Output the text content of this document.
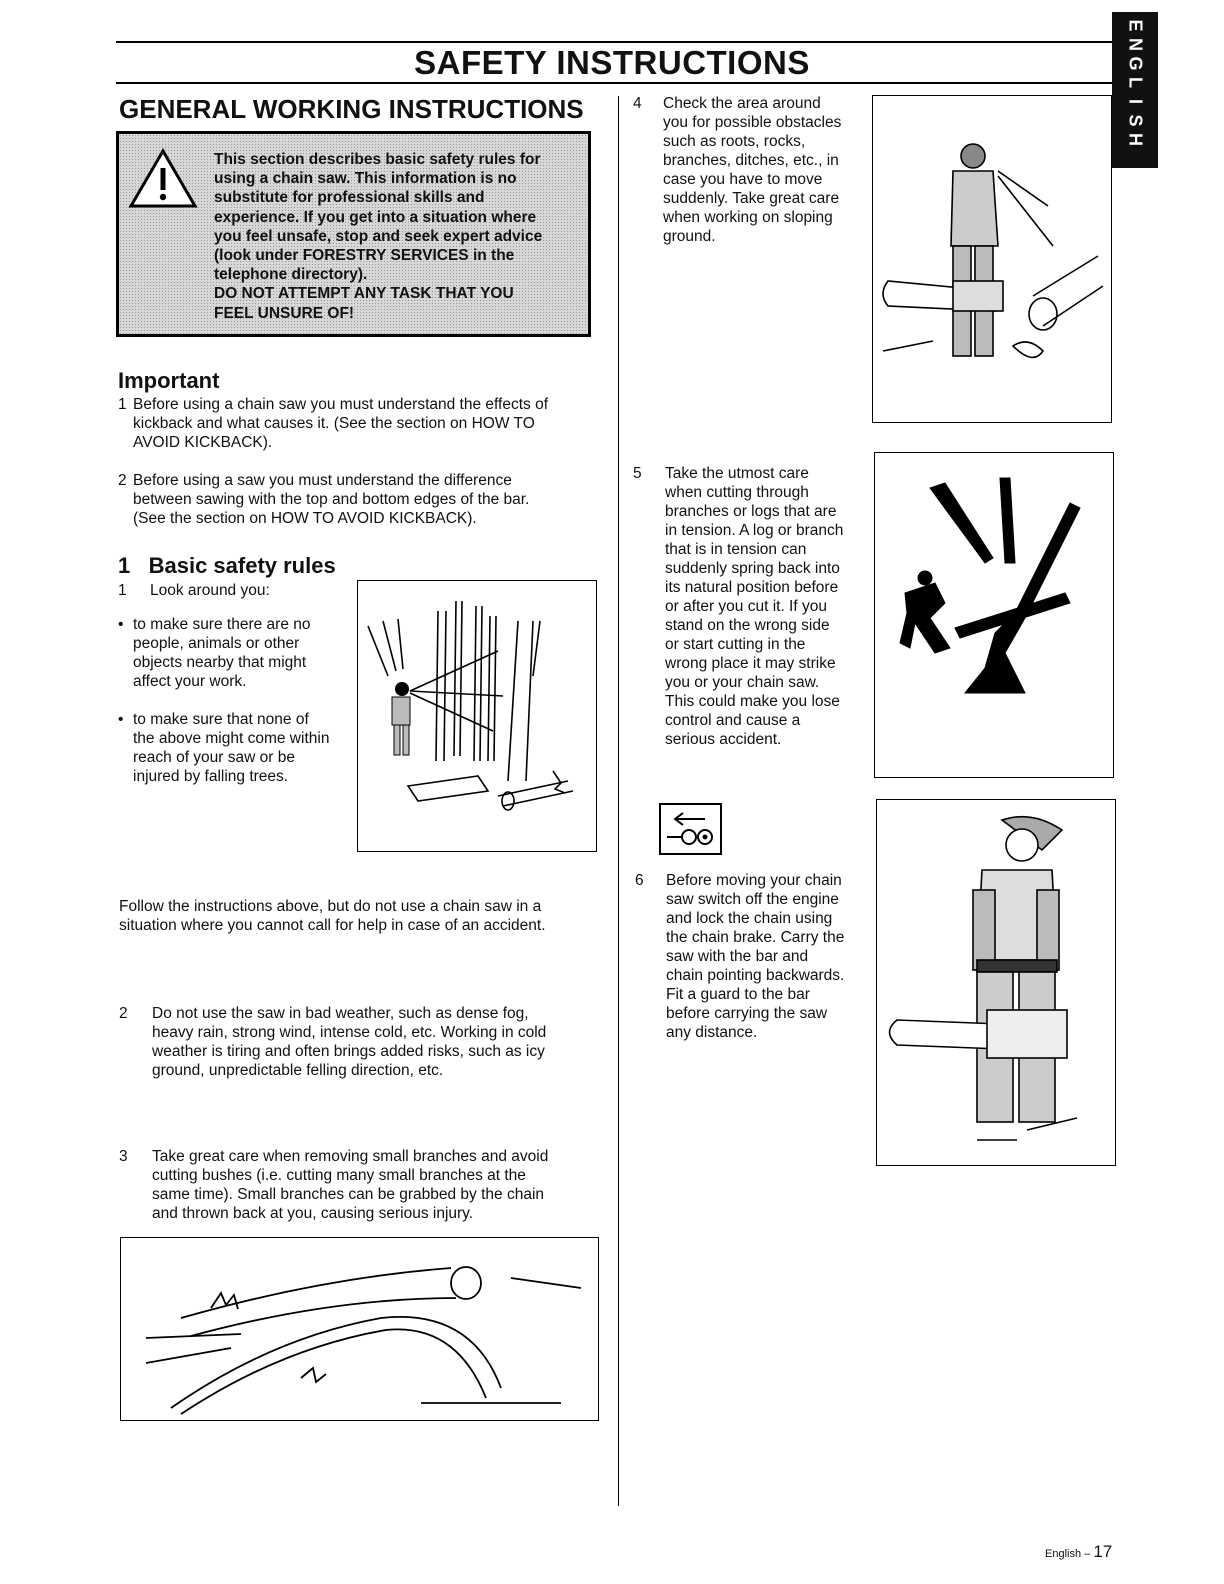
SAFETY INSTRUCTIONS
E
N
G
L
I
S
H
GENERAL WORKING INSTRUCTIONS
This section describes basic safety rules for
using a chain saw. This information is no
substitute for professional skills and
experience. If you get into a situation where
you feel unsafe, stop and seek expert advice
(look under FORESTRY SERVICES in the
telephone directory).
DO NOT ATTEMPT ANY TASK THAT YOU
FEEL UNSURE OF!
Important
1 Before using a chain saw you must understand the effects of
kickback and what causes it. (See the section on HOW TO
AVOID KICKBACK).
2 Before using a saw you must understand the difference
between sawing with the top and bottom edges of the bar.
(See the section on HOW TO AVOID KICKBACK).
1 Basic safety rules
1 Look around you:
• to make sure there are no
people, animals or other
objects nearby that might
affect your work.
• to make sure that none of
the above might come within
reach of your saw or be
injured by falling trees.
Follow the instructions above, but do not use a chain saw in a
situation where you cannot call for help in case of an accident.
2 Do not use the saw in bad weather, such as dense fog,
heavy rain, strong wind, intense cold, etc. Working in cold
weather is tiring and often brings added risks, such as icy
ground, unpredictable felling direction, etc.
3 Take great care when removing small branches and avoid
cutting bushes (i.e. cutting many small branches at the
same time). Small branches can be grabbed by the chain
and thrown back at you, causing serious injury.
4 Check the area around
you for possible obstacles
such as roots, rocks,
branches, ditches, etc., in
case you have to move
suddenly. Take great care
when working on sloping
ground.
5 Take the utmost care
when cutting through
branches or logs that are
in tension. A log or branch
that is in tension can
suddenly spring back into
its natural position before
or after you cut it. If you
stand on the wrong side
or start cutting in the
wrong place it may strike
you or your chain saw.
This could make you lose
control and cause a
serious accident.
6 Before moving your chain
saw switch off the engine
and lock the chain using
the chain brake. Carry the
saw with the bar and
chain pointing backwards.
Fit a guard to the bar
before carrying the saw
any distance.
English – 17
